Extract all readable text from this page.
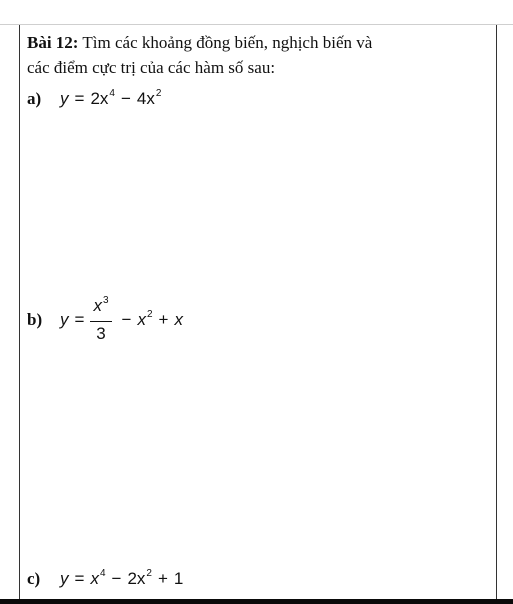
Bài 12: Tìm các khoảng đồng biến, nghịch biến và
các điểm cực trị của các hàm số sau:
a)	$y = 2x^4 - 4x^2$
b)	$y = \frac{x^3}{3} - x^2 + x$
c)	$y = x^4 - 2x^2 + 1$
